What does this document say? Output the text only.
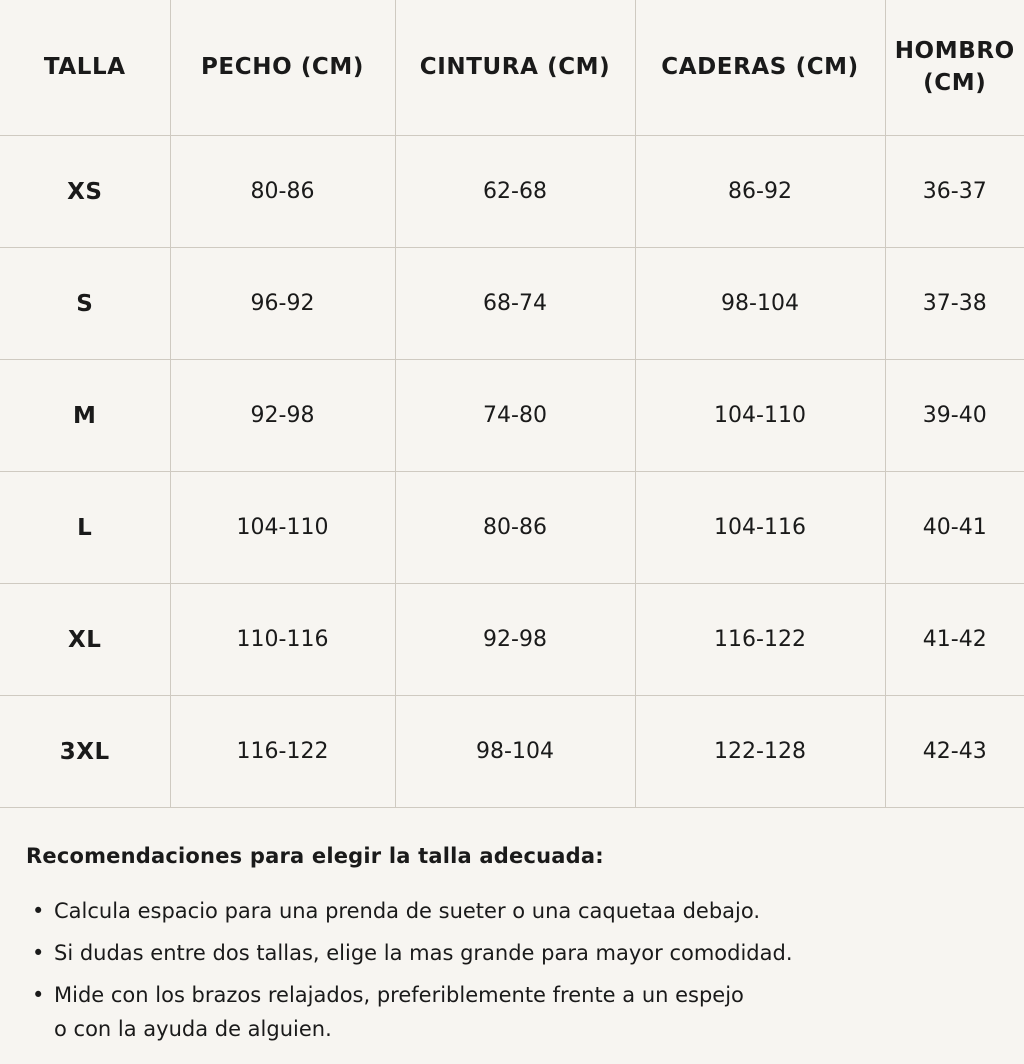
TALLA	PECHO (CM)	CINTURA (CM)	CADERAS (CM)	HOMBRO (CM)
XS	80-86	62-68	86-92	36-37
S	96-92	68-74	98-104	37-38
M	92-98	74-80	104-110	39-40
L	104-110	80-86	104-116	40-41
XL	110-116	92-98	116-122	41-42
3XL	116-122	98-104	122-128	42-43

Recomendaciones para elegir la talla adecuada:

• Calcula espacio para una prenda de sueter o una caquetaa debajo.
• Si dudas entre dos tallas, elige la mas grande para mayor comodidad.
• Mide con los brazos relajados, preferiblemente frente a un espejo
o con la ayuda de alguien.
